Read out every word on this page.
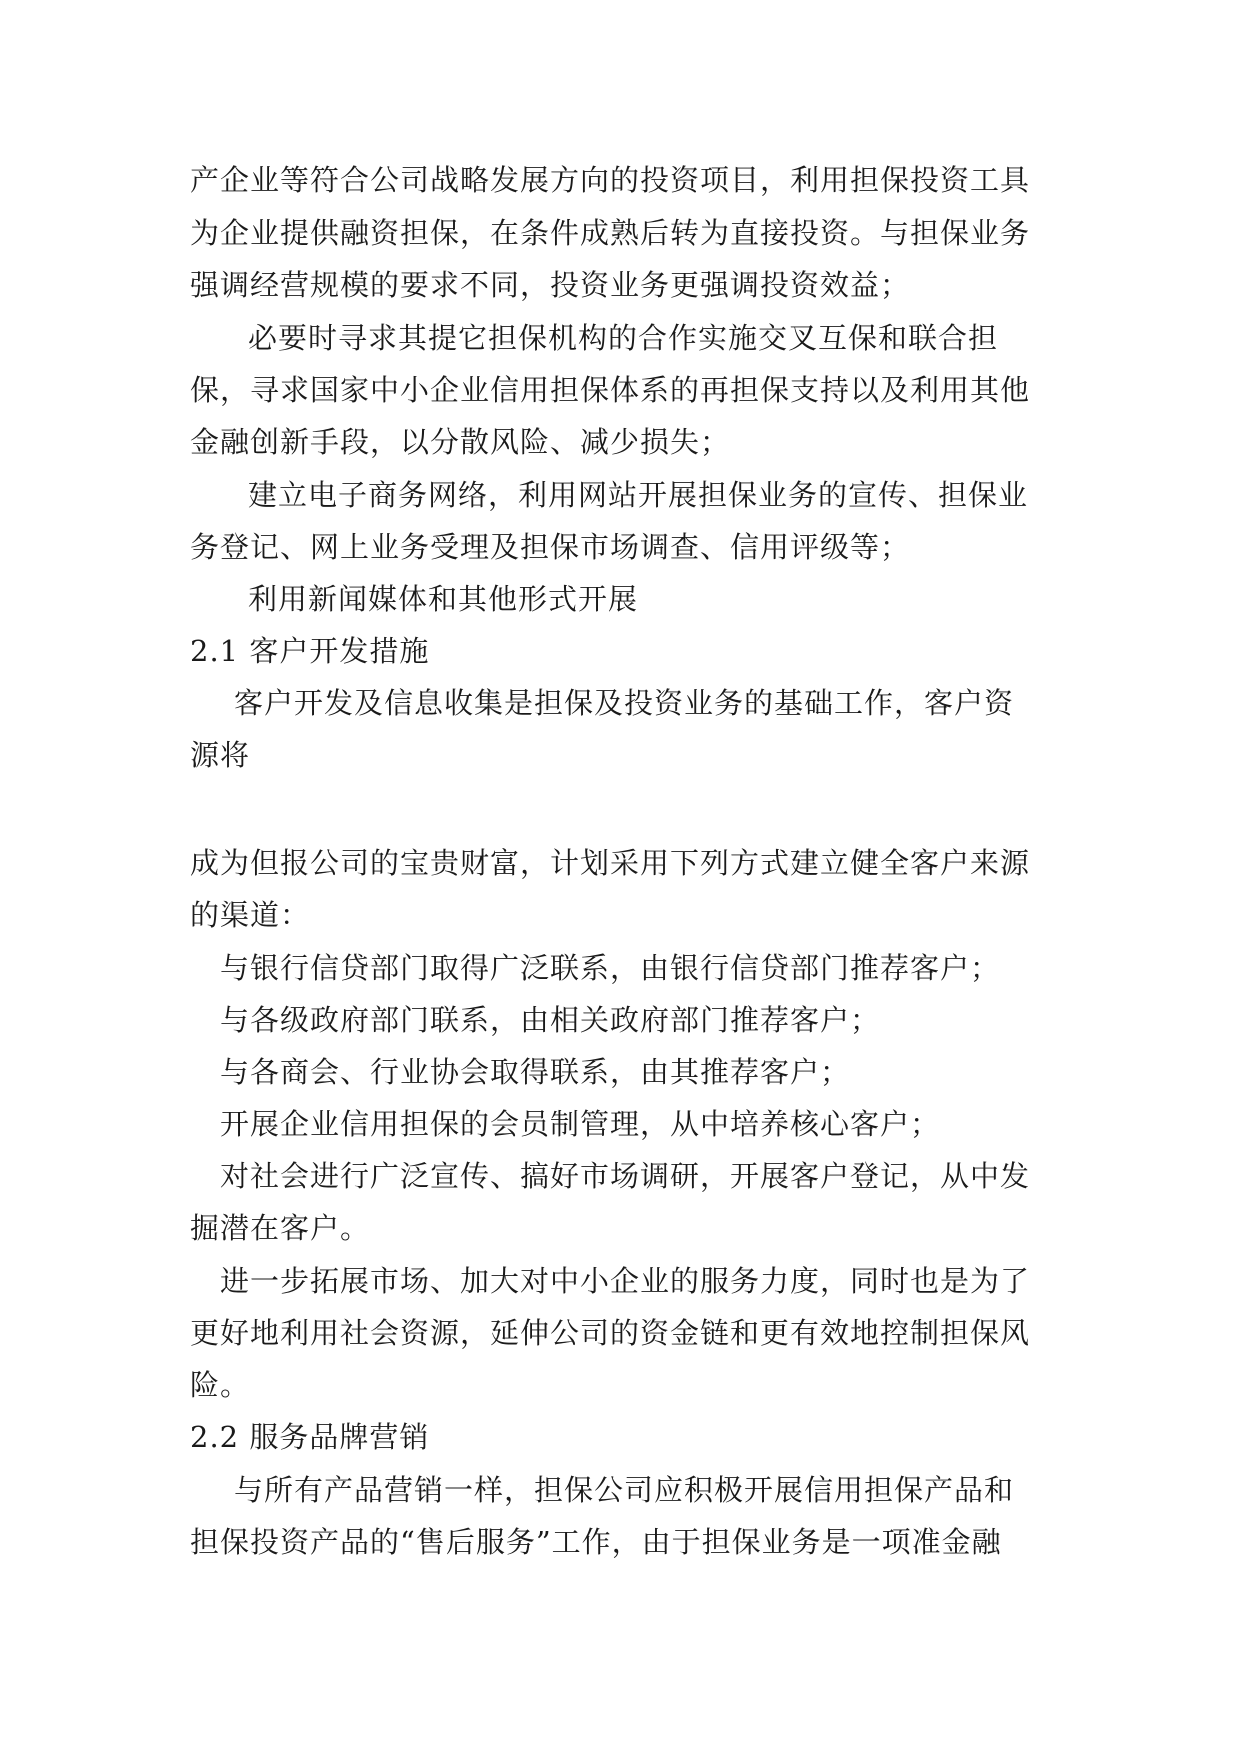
产企业等符合公司战略发展方向的投资项目，利用担保投资工具
为企业提供融资担保，在条件成熟后转为直接投资。与担保业务
强调经营规模的要求不同，投资业务更强调投资效益；
必要时寻求其提它担保机构的合作实施交叉互保和联合担
保，寻求国家中小企业信用担保体系的再担保支持以及利用其他
金融创新手段，以分散风险、减少损失；
建立电子商务网络，利用网站开展担保业务的宣传、担保业
务登记、网上业务受理及担保市场调查、信用评级等；
利用新闻媒体和其他形式开展
2.1 客户开发措施
客户开发及信息收集是担保及投资业务的基础工作，客户资
源将
成为但报公司的宝贵财富，计划采用下列方式建立健全客户来源
的渠道：
与银行信贷部门取得广泛联系，由银行信贷部门推荐客户；
与各级政府部门联系，由相关政府部门推荐客户；
与各商会、行业协会取得联系，由其推荐客户；
开展企业信用担保的会员制管理，从中培养核心客户；
对社会进行广泛宣传、搞好市场调研，开展客户登记，从中发
掘潜在客户。
进一步拓展市场、加大对中小企业的服务力度，同时也是为了
更好地利用社会资源，延伸公司的资金链和更有效地控制担保风
险。
2.2 服务品牌营销
与所有产品营销一样，担保公司应积极开展信用担保产品和
担保投资产品的“售后服务”工作，由于担保业务是一项准金融
